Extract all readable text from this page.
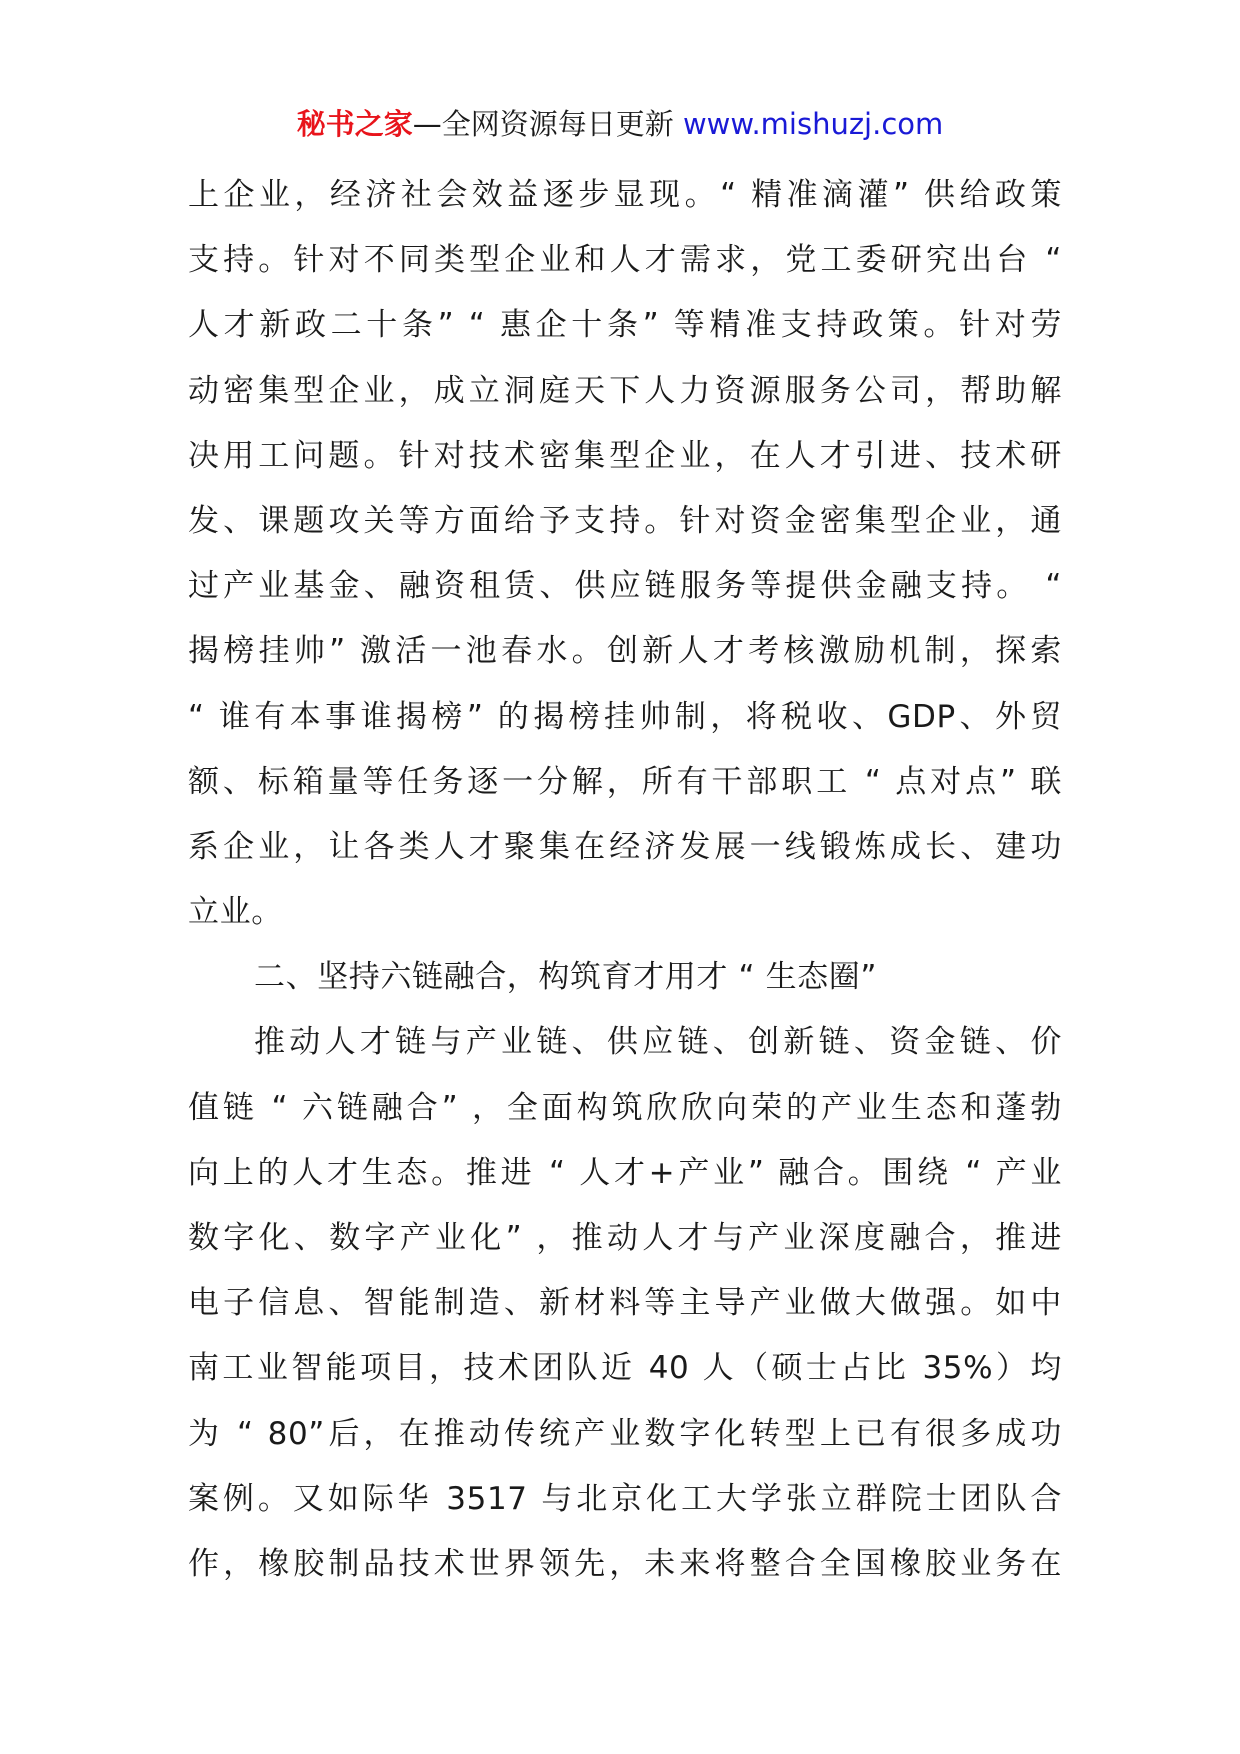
秘书之家—全网资源每日更新 www.mishuzj.com
上企业，经济社会效益逐步显现。“ 精准滴灌” 供给政策
支持。针对不同类型企业和人才需求，党工委研究出台 “
人才新政二十条” “ 惠企十条” 等精准支持政策。针对劳
动密集型企业，成立洞庭天下人力资源服务公司，帮助解
决用工问题。针对技术密集型企业，在人才引进、技术研
发、课题攻关等方面给予支持。针对资金密集型企业，通
过产业基金、融资租赁、供应链服务等提供金融支持。 “
揭榜挂帅” 激活一池春水。创新人才考核激励机制，探索
“ 谁有本事谁揭榜” 的揭榜挂帅制，将税收、GDP、外贸
额、标箱量等任务逐一分解，所有干部职工 “ 点对点” 联
系企业，让各类人才聚集在经济发展一线锻炼成长、建功
立业。
二、坚持六链融合，构筑育才用才 “ 生态圈”
推动人才链与产业链、供应链、创新链、资金链、价
值链 “ 六链融合” ，全面构筑欣欣向荣的产业生态和蓬勃
向上的人才生态。推进 “ 人才+产业” 融合。围绕 “ 产业
数字化、数字产业化” ，推动人才与产业深度融合，推进
电子信息、智能制造、新材料等主导产业做大做强。如中
南工业智能项目，技术团队近 40 人（硕士占比 35%）均
为 “ 80”后，在推动传统产业数字化转型上已有很多成功
案例。又如际华 3517 与北京化工大学张立群院士团队合
作，橡胶制品技术世界领先，未来将整合全国橡胶业务在
